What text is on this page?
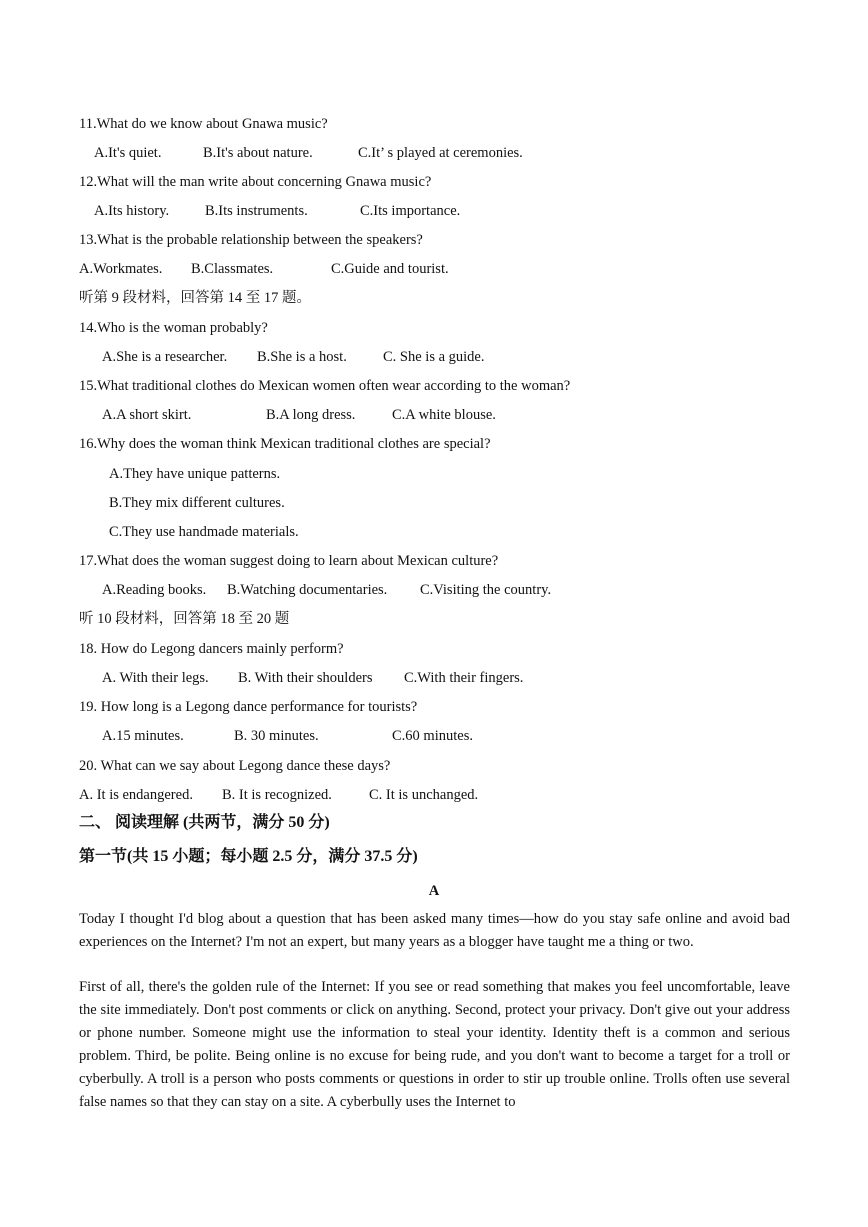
11.What do we know about Gnawa music?
A.It's quiet.	B.It's about nature.	C.It’ s played at ceremonies.
12.What will the man write about concerning Gnawa music?
A.Its history. B.Its instruments.	C.Its importance.
13.What is the probable relationship between the speakers?
A.Workmates. B.Classmates.	C.Guide and tourist.
听第 9 段材料，回答第 14 至 17 题。
14.Who is the woman probably?
A.She is a researcher. B.She is a host. C. She is a guide.
15.What traditional clothes do Mexican women often wear according to the woman?
A.A short skirt.	B.A long dress.	C.A white blouse.
16.Why does the woman think Mexican traditional clothes are special?
A.They have unique patterns.
B.They mix different cultures.
C.They use handmade materials.
17.What does the woman suggest doing to learn about Mexican culture?
A.Reading books. B.Watching documentaries. C.Visiting the country.
听 10 段材料，回答第 18 至 20 题
18. How do Legong dancers mainly perform?
A. With their legs. B. With their shoulders C.With their fingers.
19. How long is a Legong dance performance for tourists?
A.15 minutes.	B. 30 minutes.	C.60 minutes.
20. What can we say about Legong dance these days?
A. It is endangered. B. It is recognized.	C. It is unchanged.
二、 阅读理解 (共两节，满分 50 分)
第一节(共 15 小题；每小题 2.5 分，满分 37.5 分)
A
Today I thought I'd blog about a question that has been asked many times—how do you stay safe online and avoid bad experiences on the Internet? I'm not an expert, but many years as a blogger have taught me a thing or two.
First of all, there's the golden rule of the Internet: If you see or read something that makes you feel uncomfortable, leave the site immediately. Don't post comments or click on anything. Second, protect your privacy. Don't give out your address or phone number. Someone might use the information to steal your identity. Identity theft is a common and serious problem. Third, be polite. Being online is no excuse for being rude, and you don't want to become a target for a troll or cyberbully. A troll is a person who posts comments or questions in order to stir up trouble online. Trolls often use several false names so that they can stay on a site. A cyberbully uses the Internet to
